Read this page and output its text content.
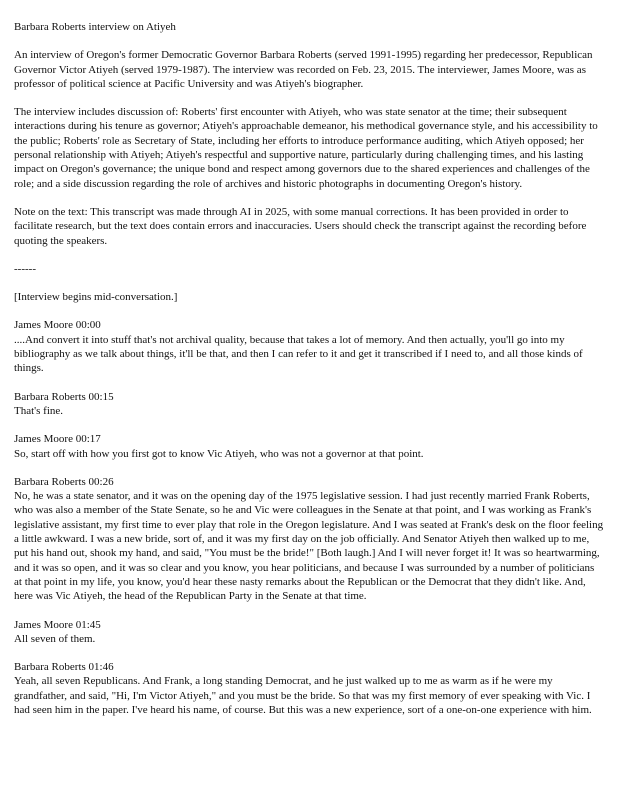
Barbara Roberts interview on Atiyeh

An interview of Oregon's former Democratic Governor Barbara Roberts (served 1991-1995) regarding her predecessor, Republican Governor Victor Atiyeh (served 1979-1987). The interview was recorded on Feb. 23, 2015. The interviewer, James Moore, was as professor of political science at Pacific University and was Atiyeh's biographer.

The interview includes discussion of: Roberts' first encounter with Atiyeh, who was state senator at the time; their subsequent interactions during his tenure as governor; Atiyeh's approachable demeanor, his methodical governance style, and his accessibility to the public; Roberts' role as Secretary of State, including her efforts to introduce performance auditing, which Atiyeh opposed; her personal relationship with Atiyeh; Atiyeh's respectful and supportive nature, particularly during challenging times, and his lasting impact on Oregon's governance; the unique bond and respect among governors due to the shared experiences and challenges of the role; and a side discussion regarding the role of archives and historic photographs in documenting Oregon's history.

Note on the text: This transcript was made through AI in 2025, with some manual corrections. It has been provided in order to facilitate research, but the text does contain errors and inaccuracies. Users should check the transcript against the recording before quoting the speakers.

------

[Interview begins mid-conversation.]

James Moore 00:00
....And convert it into stuff that's not archival quality, because that takes a lot of memory. And then actually, you'll go into my bibliography as we talk about things, it'll be that, and then I can refer to it and get it transcribed if I need to, and all those kinds of things.
Barbara Roberts 00:15
That's fine.
James Moore 00:17
So, start off with how you first got to know Vic Atiyeh, who was not a governor at that point.
Barbara Roberts 00:26
No, he was a state senator, and it was on the opening day of the 1975 legislative session. I had just recently married Frank Roberts, who was also a member of the State Senate, so he and Vic were colleagues in the Senate at that point, and I was working as Frank's legislative assistant, my first time to ever play that role in the Oregon legislature. And I was seated at Frank's desk on the floor feeling a little awkward. I was a new bride, sort of, and it was my first day on the job officially. And Senator Atiyeh then walked up to me, put his hand out, shook my hand, and said, "You must be the bride!" [Both laugh.] And I will never forget it! It was so heartwarming, and it was so open, and it was so clear and you know, you hear politicians, and because I was surrounded by a number of politicians at that point in my life, you know, you'd hear these nasty remarks about the Republican or the Democrat that they didn't like. And, here was Vic Atiyeh, the head of the Republican Party in the Senate at that time.
James Moore 01:45
All seven of them.
Barbara Roberts 01:46
Yeah, all seven Republicans. And Frank, a long standing Democrat, and he just walked up to me as warm as if he were my grandfather, and said, "Hi, I'm Victor Atiyeh," and you must be the bride. So that was my first memory of ever speaking with Vic. I had seen him in the paper. I've heard his name, of course. But this was a new experience, sort of a one-on-one experience with him.
